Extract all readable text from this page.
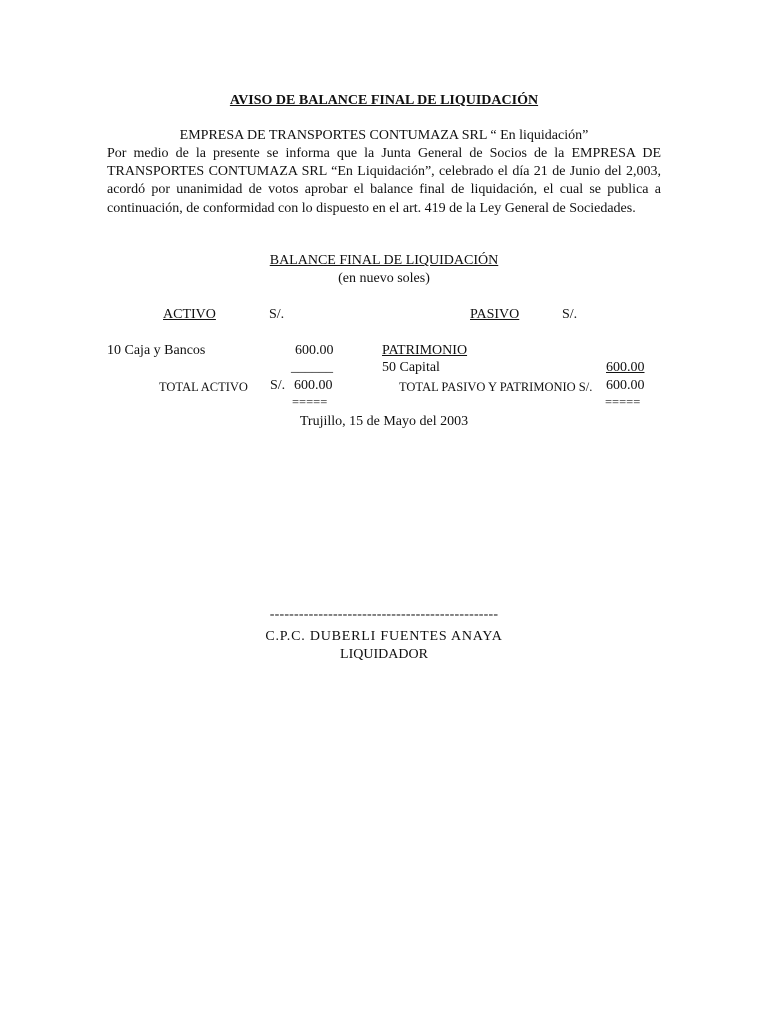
AVISO DE BALANCE FINAL DE LIQUIDACIÓN
EMPRESA DE TRANSPORTES CONTUMAZA SRL “ En liquidación”
Por medio de la presente se informa que la Junta General de Socios de la EMPRESA DE TRANSPORTES CONTUMAZA SRL “En Liquidación”, celebrado el día 21 de Junio del 2,003, acordó por unanimidad de votos aprobar el balance final de liquidación, el cual se publica a continuación, de conformidad con lo dispuesto en el art. 419 de la Ley General de Sociedades.
BALANCE FINAL DE LIQUIDACIÓN
(en nuevo soles)
ACTIVO	S/.	PASIVO	S/.
10 Caja y Bancos	600.00
______
PATRIMONIO
50 Capital	600.00
TOTAL ACTIVO S/. 600.00	TOTAL PASIVO Y PATRIMONIO S/. 600.00
=====	=====
Trujillo, 15 de Mayo del 2003
-----------------------------------------------
C.P.C. DUBERLI FUENTES ANAYA
LIQUIDADOR
